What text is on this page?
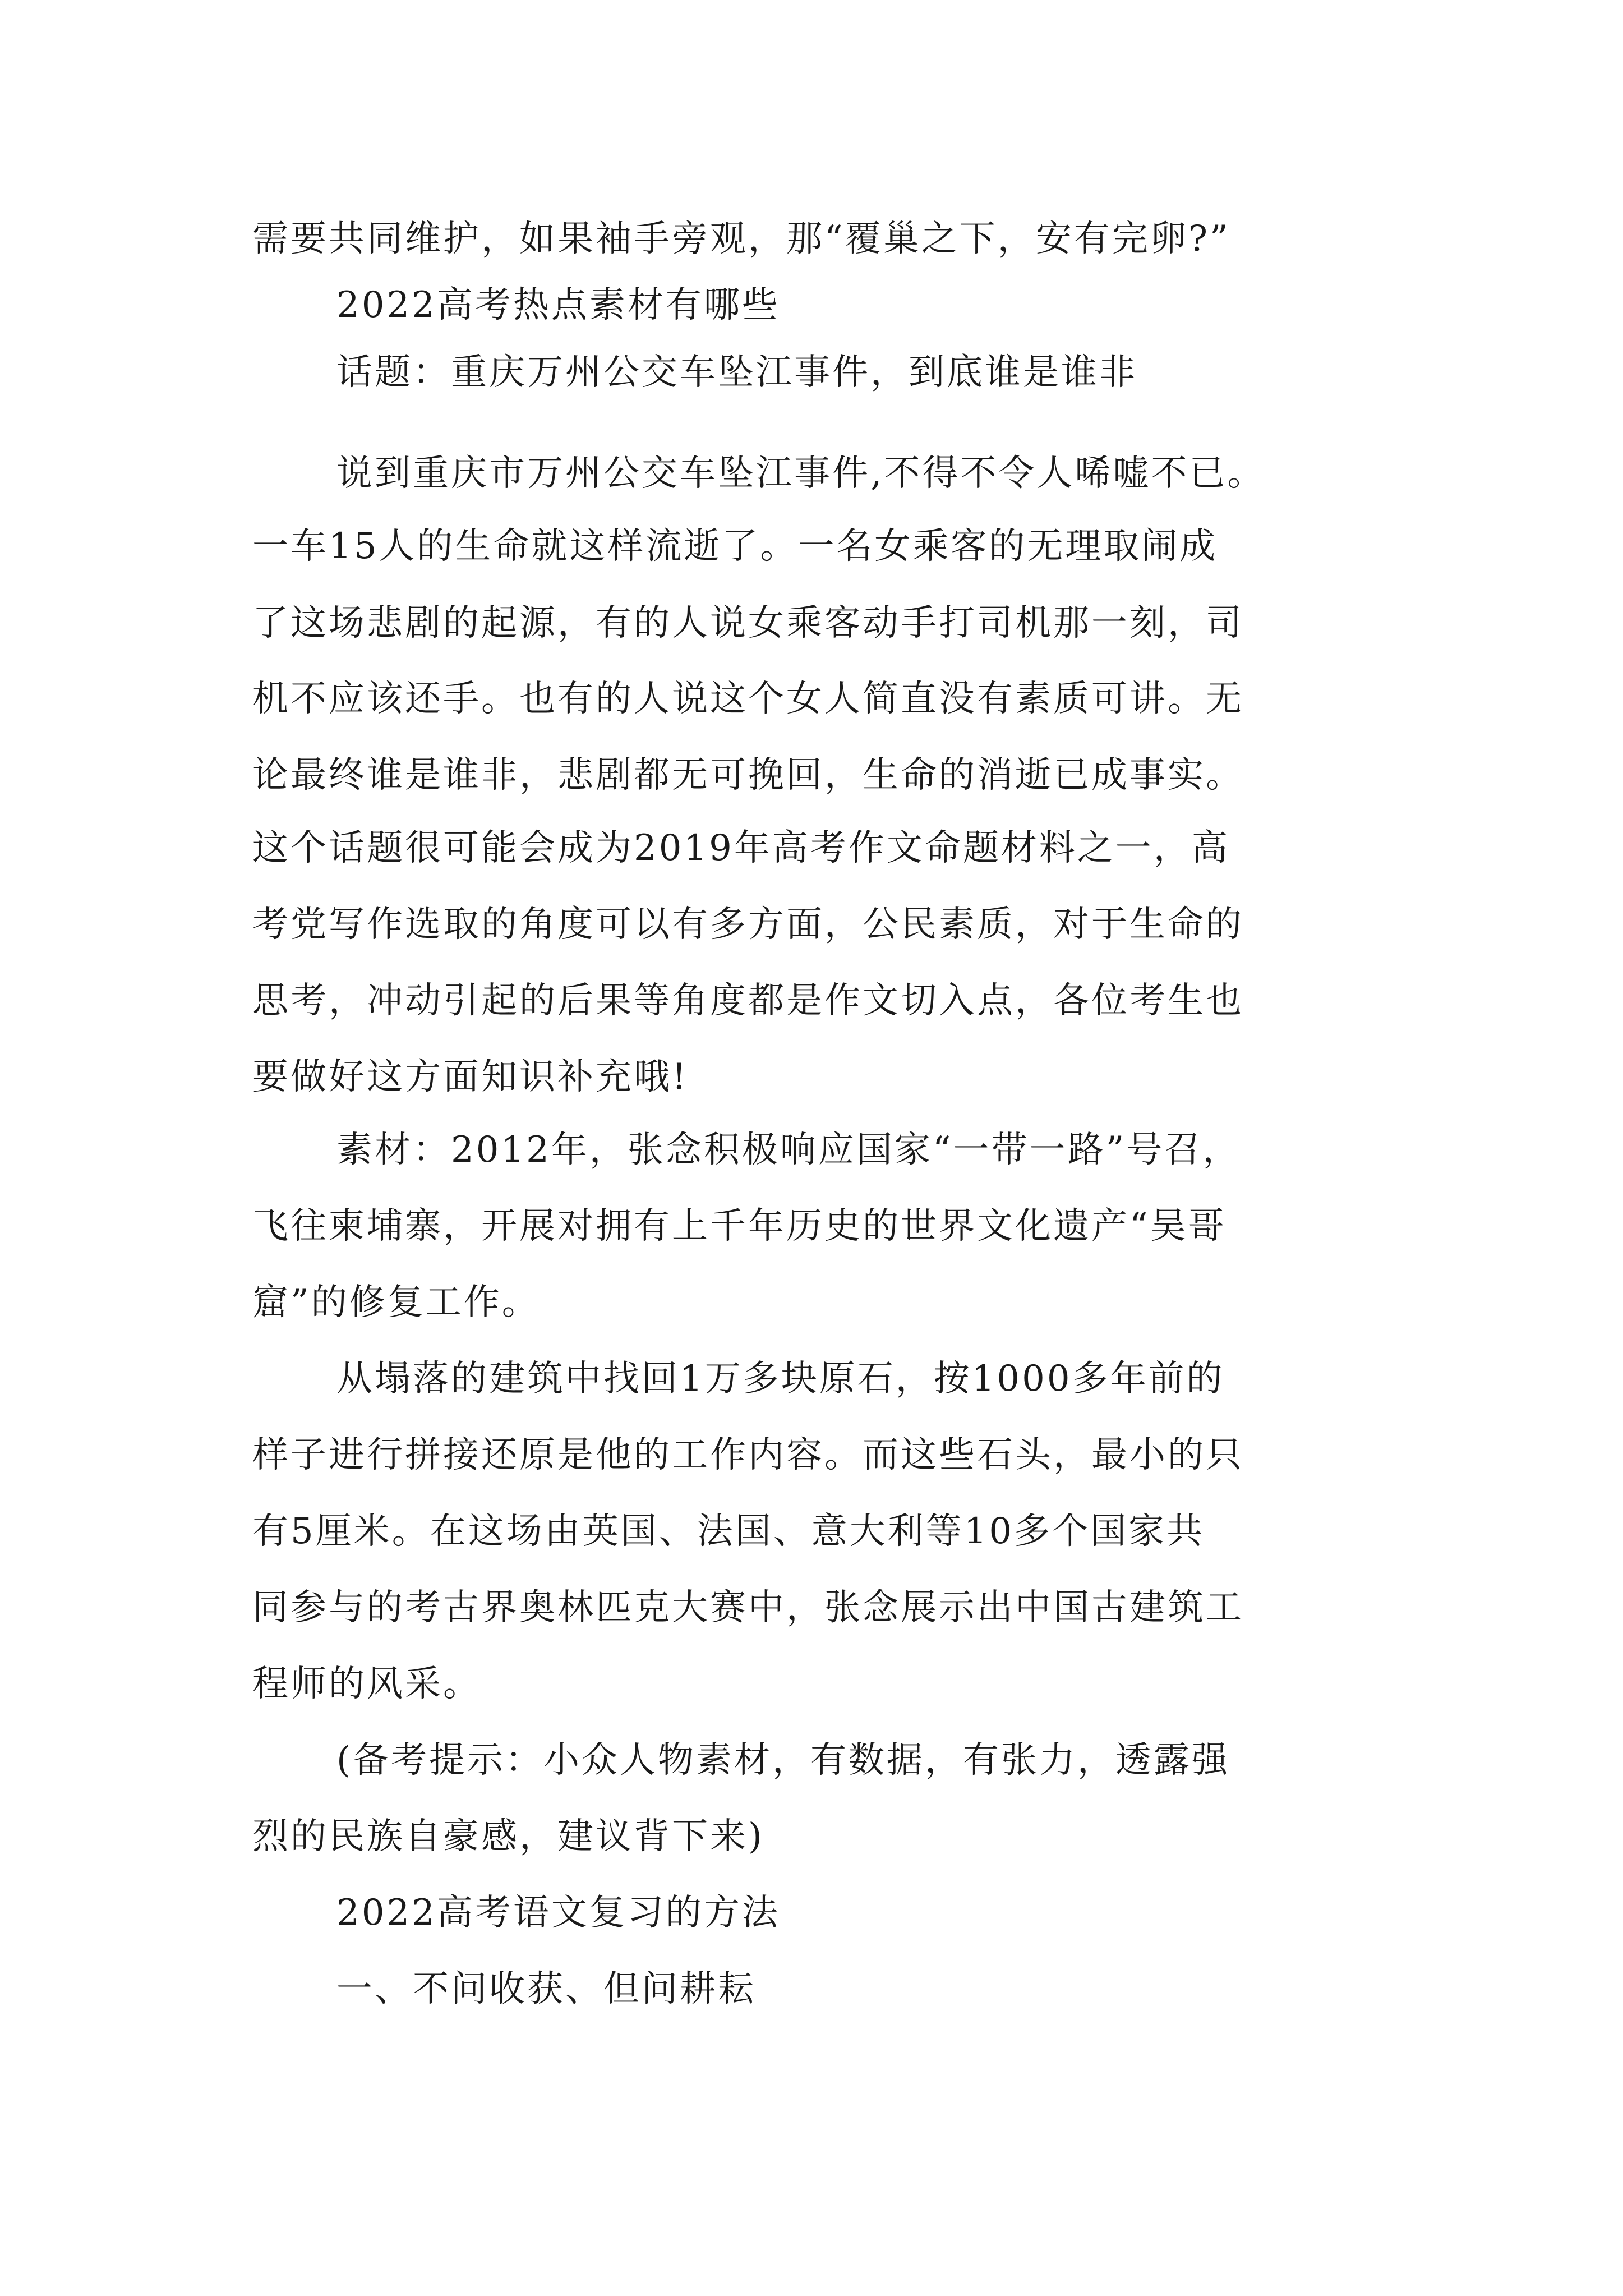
需要共同维护，如果袖手旁观，那“覆巢之下，安有完卵?”
2022高考热点素材有哪些
话题：重庆万州公交车坠江事件，到底谁是谁非
说到重庆市万州公交车坠江事件,不得不令人唏嘘不已。
一车15人的生命就这样流逝了。一名女乘客的无理取闹成
了这场悲剧的起源，有的人说女乘客动手打司机那一刻，司
机不应该还手。也有的人说这个女人简直没有素质可讲。无
论最终谁是谁非，悲剧都无可挽回，生命的消逝已成事实。
这个话题很可能会成为2019年高考作文命题材料之一，高
考党写作选取的角度可以有多方面，公民素质，对于生命的
思考，冲动引起的后果等角度都是作文切入点，各位考生也
要做好这方面知识补充哦!
素材：2012年，张念积极响应国家“一带一路”号召，
飞往柬埔寨，开展对拥有上千年历史的世界文化遗产“吴哥
窟”的修复工作。
从塌落的建筑中找回1万多块原石，按1000多年前的
样子进行拼接还原是他的工作内容。而这些石头，最小的只
有5厘米。在这场由英国、法国、意大利等10多个国家共
同参与的考古界奥林匹克大赛中，张念展示出中国古建筑工
程师的风采。
(备考提示：小众人物素材，有数据，有张力，透露强
烈的民族自豪感，建议背下来)
2022高考语文复习的方法
一、不问收获、但问耕耘
